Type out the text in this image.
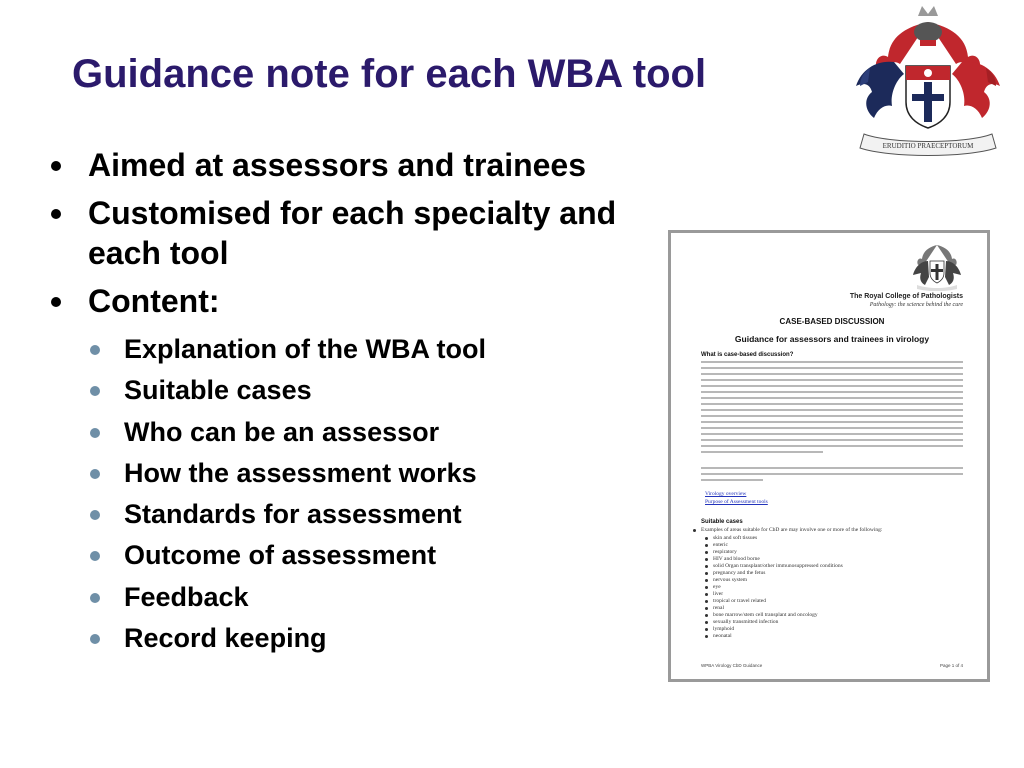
Guidance note for each WBA tool
ERUDITIO PRAECEPTORUM
Aimed at assessors and trainees
Customised for each specialty and each tool
Content:
Explanation of the WBA tool
Suitable cases
Who can be an assessor
How the assessment works
Standards for assessment
Outcome of assessment
Feedback
Record keeping
The Royal College of Pathologists
Pathology: the science behind the cure
CASE-BASED DISCUSSION
Guidance for assessors and trainees in virology
What is case-based discussion?
Virology overview
Purpose of Assessment tools
Suitable cases
Examples of areas suitable for CbD are may involve one or more of the following:
skin and soft tissues
enteric
respiratory
HIV and blood borne
solid Organ transplant/other immunosuppressed conditions
pregnancy and the fetus
nervous system
eye
liver
tropical or travel related
renal
bone marrow/stem cell transplant and oncology
sexually transmitted infection
lymphoid
neonatal
WPBA Virology CbD Guidance	Page 1 of 4
